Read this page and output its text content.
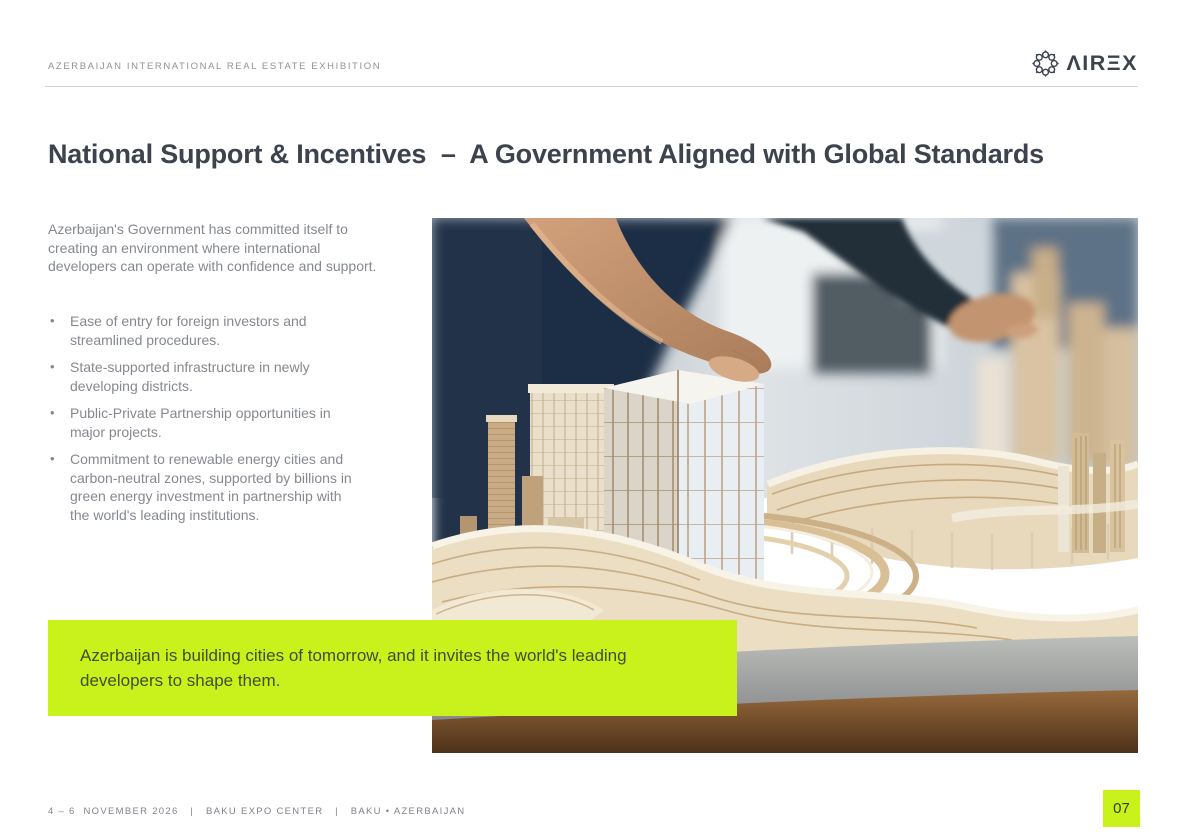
AZERBAIJAN INTERNATIONAL REAL ESTATE EXHIBITION	ΛIRΞX
National Support & Incentives  –  A Government Aligned with Global Standards

Azerbaijan's Government has committed itself to creating an environment where international developers can operate with confidence and support.

• Ease of entry for foreign investors and streamlined procedures.
• State-supported infrastructure in newly developing districts.
• Public-Private Partnership opportunities in major projects.
• Commitment to renewable energy cities and carbon-neutral zones, supported by billions in green energy investment in partnership with the world's leading institutions.

Azerbaijan is building cities of tomorrow, and it invites the world's leading developers to shape them.

4 – 6  NOVEMBER 2026   |   BAKU EXPO CENTER   |   BAKU • AZERBAIJAN	07
